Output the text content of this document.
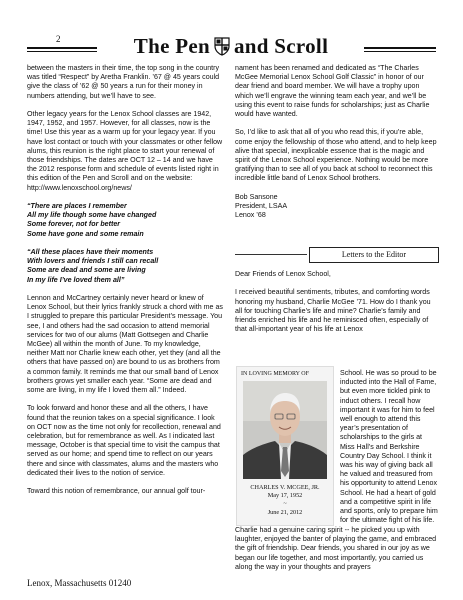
2	The Pen and Scroll

between the masters in their time, the top song in the country was titled “Respect” by Aretha Franklin. ’67 @ 45 years could give the class of ’62 @ 50 years a run for their money in numbers attending, but we’ll have to see.

Other legacy years for the Lenox School classes are 1942, 1947, 1952, and 1957. However, for all classes, now is the time! Use this year as a warm up for your legacy year. If you have lost contact or touch with your classmates or other fellow alums, this reunion is the right place to start your renewal of those friendships. The dates are OCT 12 – 14 and we have the 2012 response form and schedule of events listed right in this edition of the Pen and Scroll and on the website: http://www.lenoxschool.org/news/

“There are places I remember
All my life though some have changed
Some forever, not for better
Some have gone and some remain
“All these places have their moments
With lovers and friends I still can recall
Some are dead and some are living
In my life I’ve loved them all”

Lennon and McCartney certainly never heard or knew of Lenox School, but their lyrics frankly struck a chord with me as I struggled to prepare this particular President’s message. You see, I and others had the sad occasion to attend memorial services for two of our alums (Matt Gottsegen and Charlie McGee) all within the month of June. To my knowledge, neither Matt nor Charlie knew each other, yet they (and all the others that have passed on) are bound to us as brothers from a common family. It reminds me that our small band of Lenox brothers grows yet smaller each year. “Some are dead and some are living, in my life I loved them all.” Indeed.

To look forward and honor these and all the others, I have found that the reunion takes on a special significance. I look on OCT now as the time not only for recollection, renewal and celebration, but for remembrance as well. As I indicated last message, October is that special time to visit the campus that served as our home; and spend time to reflect on our years there and since with classmates, alums and the masters who dedicated their lives to the notion of service.

Toward this notion of remembrance, our annual golf tour-

nament has been renamed and dedicated as “The Charles McGee Memorial Lenox School Golf Classic” in honor of our dear friend and board member. We will have a trophy upon which we’ll engrave the winning team each year, and we’ll be using this event to raise funds for scholarships; just as Charlie would have wanted.

So, I’d like to ask that all of you who read this, if you’re able, come enjoy the fellowship of those who attend, and to help keep alive that special, inexplicable essence that is the magic and spirit of the Lenox School experience. Nothing would be more gratifying than to see all of you back at school to reconnect this incredible little band of Lenox School brothers.

Bob Sansone
President, LSAA
Lenox ’68
Letters to the Editor

Dear Friends of Lenox School,

I received beautiful sentiments, tributes, and comforting words honoring my husband, Charlie McGee ’71. How do I thank you all for touching Charlie’s life and mine? Charlie’s family and friends enriched his life and he reminisced often, especially of that all-important year of his life at Lenox

IN LOVING MEMORY OF
CHARLES V. MCGEE, JR.
May 17, 1952
~
June 21, 2012
School. He was so proud to be inducted into the Hall of Fame, but even more tickled pink to induct others. I recall how important it was for him to feel well enough to attend this year’s presentation of scholarships to the girls at Miss Hall’s and Berkshire Country Day School. I think it was his way of giving back all he valued and treasured from his opportunity to attend Lenox School. He had a heart of gold and a competitive spirit in life and sports, only to prepare him for the ultimate fight of his life.
Charlie had a genuine caring spirit -- he picked you up with laughter, enjoyed the banter of playing the game, and embraced the gift of friendship. Dear friends, you shared in our joy as we began our life together, and most importantly, you carried us along the way in your thoughts and prayers
Lenox, Massachusetts 01240
